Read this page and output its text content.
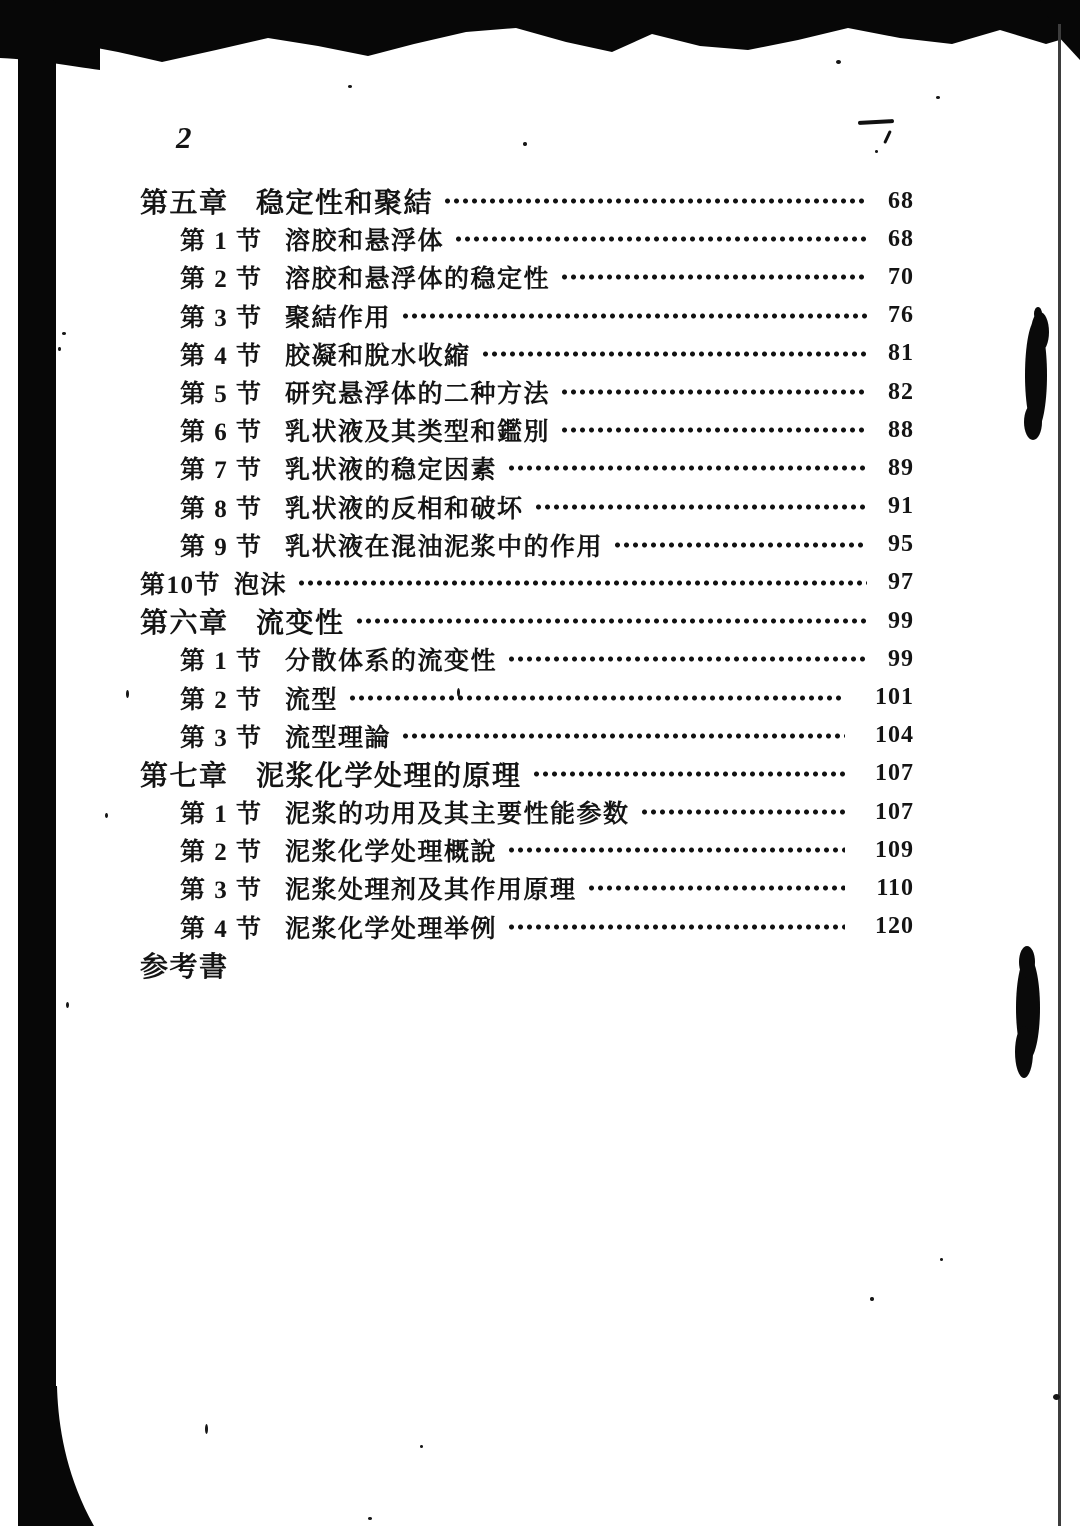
2
第五章 稳定性和聚結	68
第 1 节 溶胶和悬浮体	68
第 2 节 溶胶和悬浮体的稳定性	70
第 3 节 聚結作用	76
第 4 节 胶凝和脫水收縮	81
第 5 节 研究悬浮体的二种方法	82
第 6 节 乳状液及其类型和鑑別	88
第 7 节 乳状液的稳定因素	89
第 8 节 乳状液的反相和破坏	91
第 9 节 乳状液在混油泥浆中的作用	95
第10节 泡沫	97
第六章 流变性	99
第 1 节 分散体系的流变性	99
第 2 节 流型	101
第 3 节 流型理論	104
第七章 泥浆化学处理的原理	107
第 1 节 泥浆的功用及其主要性能参数	107
第 2 节 泥浆化学处理概說	109
第 3 节 泥浆处理剂及其作用原理	110
第 4 节 泥浆化学处理举例	120
参考書
